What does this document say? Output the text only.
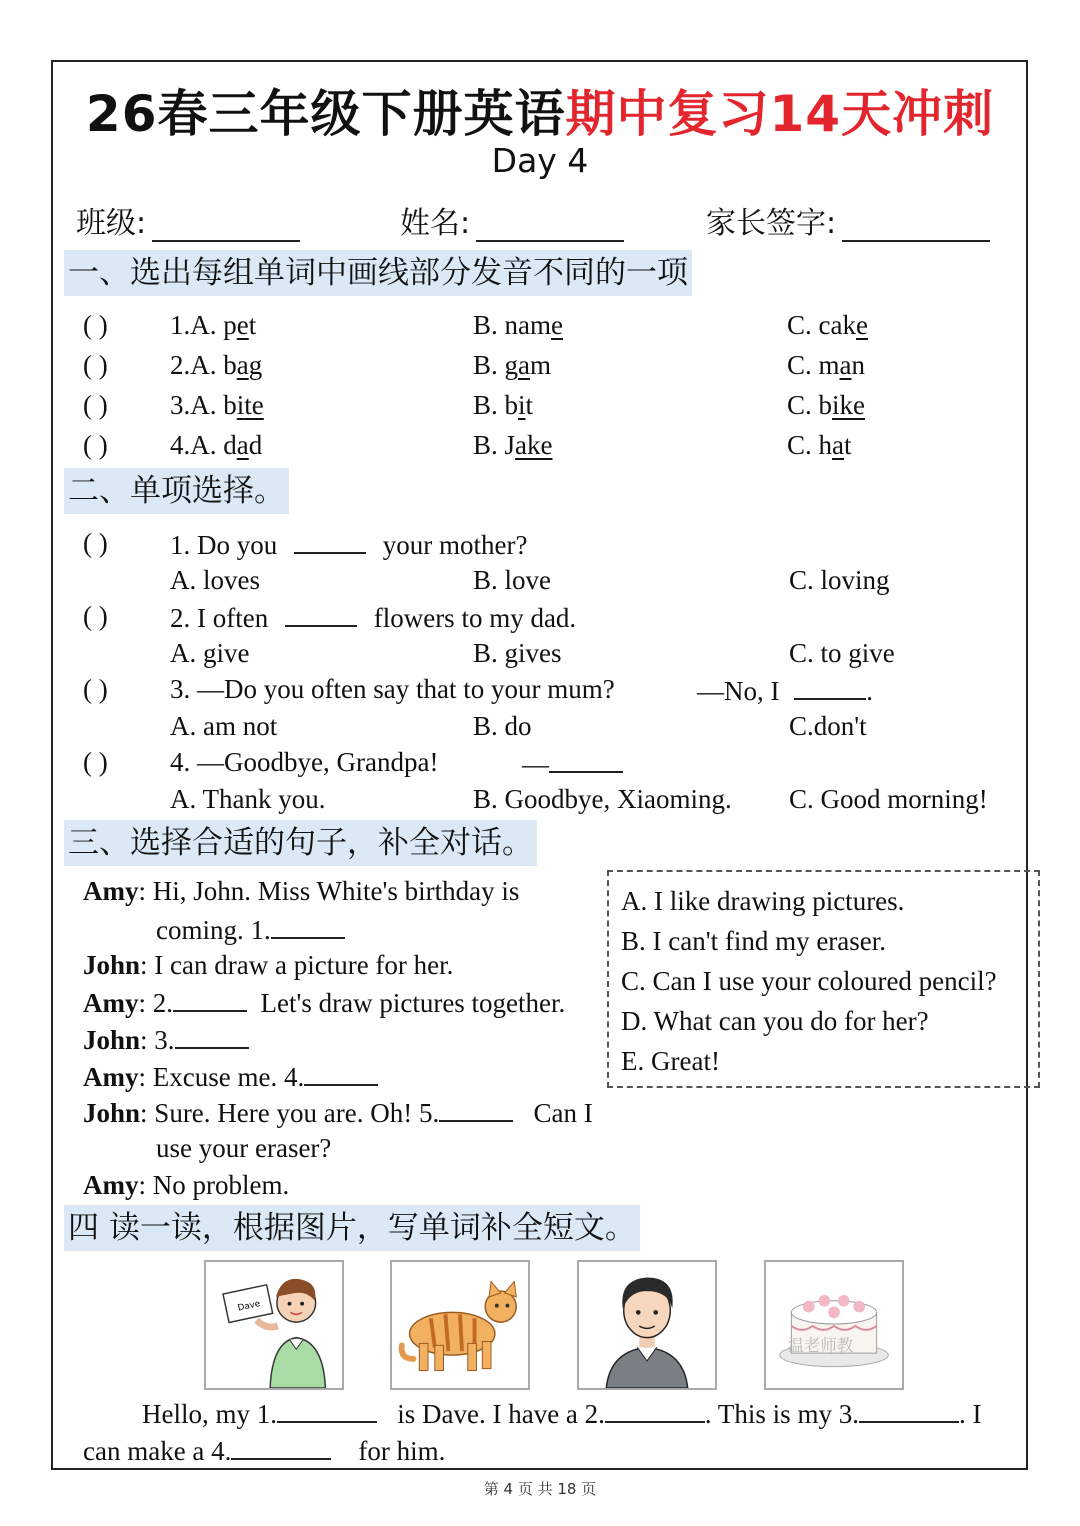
26春三年级下册英语期中复习14天冲刺
Day 4
班级:	姓名:	家长签字:
一、选出每组单词中画线部分发音不同的一项
( ) 1.A. pet	B. name	C. cake
( ) 2.A. bag	B. gam	C. man
( ) 3.A. bite	B. bit	C. bike
( ) 4.A. dad	B. Jake	C. hat
二、单项选择。
( ) 1. Do you	your mother?
A. loves	B. love	C. loving
( ) 2. I often	flowers to my dad.
A. give	B. gives	C. to give
( ) 3. —Do you often say that to your mum?	—No, I	.
A. am not	B. do	C.don't
( ) 4. —Goodbye, Grandpa!	—
A. Thank you.	B. Goodbye, Xiaoming. C. Good morning!
三、选择合适的句子，补全对话。
Amy: Hi, John. Miss White's birthday is
coming. 1.
John: I can draw a picture for her.
Amy: 2.	Let's draw pictures together.
John: 3.
Amy: Excuse me. 4.
John: Sure. Here you are. Oh! 5.	Can I
use your eraser?
Amy: No problem.
A. I like drawing pictures.
B. I can't find my eraser.
C. Can I use your coloured pencil?
D. What can you do for her?
E. Great!
四 读一读，根据图片，写单词补全短文。
Dave
温老师教
Hello, my 1.	is Dave. I have a 2.	. This is my 3.	. I
can make a 4.	for him.
第 4 页 共 18 页
